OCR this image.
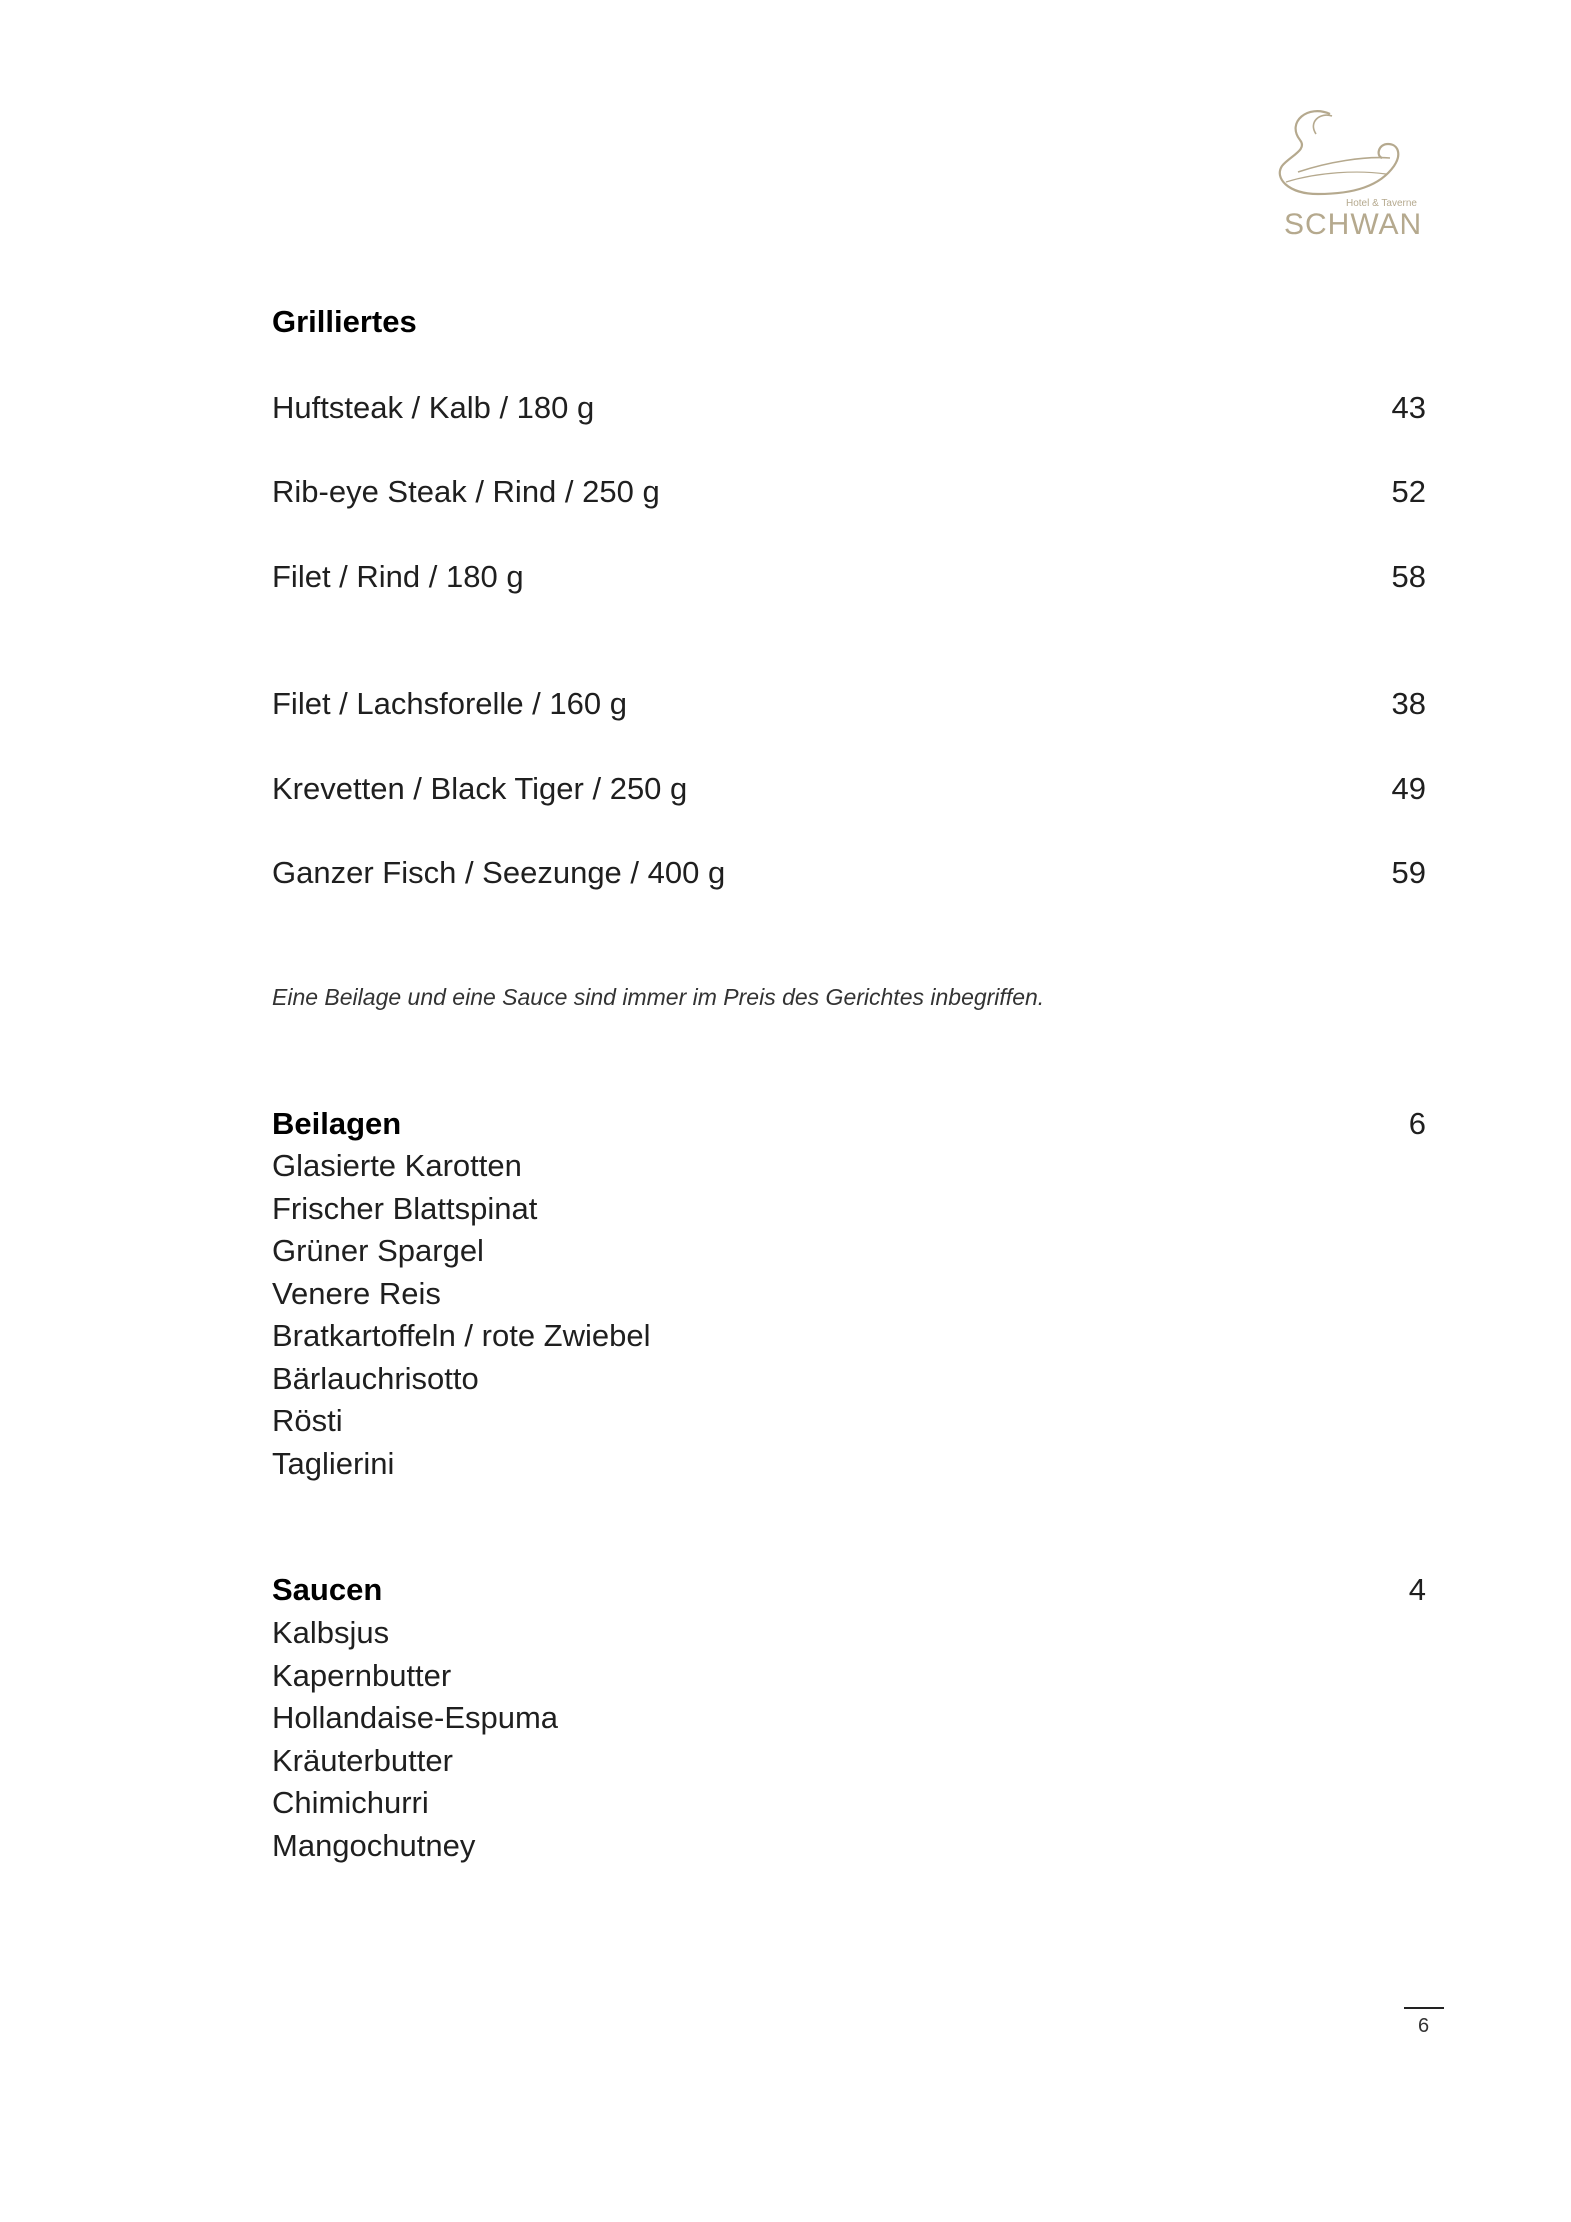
Hotel & Taverne
SCHWAN
Grilliertes
Huftsteak / Kalb / 180 g	43
Rib-eye Steak / Rind / 250 g	52
Filet / Rind / 180 g	58
Filet / Lachsforelle / 160 g	38
Krevetten / Black Tiger / 250 g	49
Ganzer Fisch / Seezunge / 400 g	59
Eine Beilage und eine Sauce sind immer im Preis des Gerichtes inbegriffen.
Beilagen	6
Glasierte Karotten
Frischer Blattspinat
Grüner Spargel
Venere Reis
Bratkartoffeln / rote Zwiebel
Bärlauchrisotto
Rösti
Taglierini
Saucen	4
Kalbsjus
Kapernbutter
Hollandaise-Espuma
Kräuterbutter
Chimichurri
Mangochutney
6
